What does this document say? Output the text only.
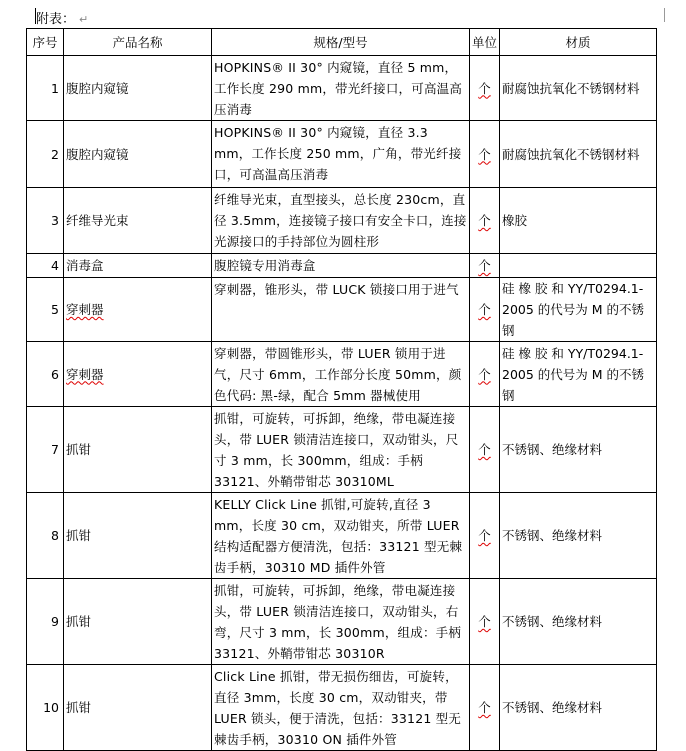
附表： ↵
序号	产品名称	规格/型号	单位	材质
1	腹腔内窥镜	HOPKINS® II 30° 内窥镜，直径 5 mm，工作长度 290 mm，带光纤接口，可高温高压消毒	个	耐腐蚀抗氧化不锈钢材料
2	腹腔内窥镜	HOPKINS® II 30° 内窥镜，直径 3.3 mm，工作长度 250 mm，广角，带光纤接口，可高温高压消毒	个	耐腐蚀抗氧化不锈钢材料
3	纤维导光束	纤维导光束，直型接头，总长度 230cm，直径 3.5mm，连接镜子接口有安全卡口，连接光源接口的手持部位为圆柱形	个	橡胶
4	消毒盒	腹腔镜专用消毒盒	个	
5	穿刺器	穿刺器，锥形头，带 LUCK 锁接口用于进气	个	硅 橡 胶 和 YY/T0294.1-2005 的代号为 M 的不锈钢
6	穿刺器	穿刺器，带圆锥形头，带 LUER 锁用于进气，尺寸 6mm，工作部分长度 50mm，颜色代码: 黑-绿，配合 5mm 器械使用	个	硅 橡 胶 和 YY/T0294.1-2005 的代号为 M 的不锈钢
7	抓钳	抓钳，可旋转，可拆卸，绝缘，带电凝连接头，带 LUER 锁清洁连接口，双动钳头，尺寸 3 mm，长 300mm，组成：手柄 33121、外鞘带钳芯 30310ML	个	不锈钢、绝缘材料
8	抓钳	KELLY Click Line 抓钳,可旋转,直径 3 mm，长度 30 cm，双动钳夹，所带 LUER 结构适配器方便清洗，包括：33121 型无棘齿手柄，30310 MD 插件外管	个	不锈钢、绝缘材料
9	抓钳	抓钳，可旋转，可拆卸，绝缘，带电凝连接头，带 LUER 锁清洁连接口，双动钳头，右弯，尺寸 3 mm，长 300mm，组成：手柄 33121、外鞘带钳芯 30310R	个	不锈钢、绝缘材料
10	抓钳	Click Line 抓钳，带无损伤细齿，可旋转，直径 3mm，长度 30 cm，双动钳夹，带 LUER 锁头，便于清洗，包括：33121 型无棘齿手柄，30310 ON 插件外管	个	不锈钢、绝缘材料
